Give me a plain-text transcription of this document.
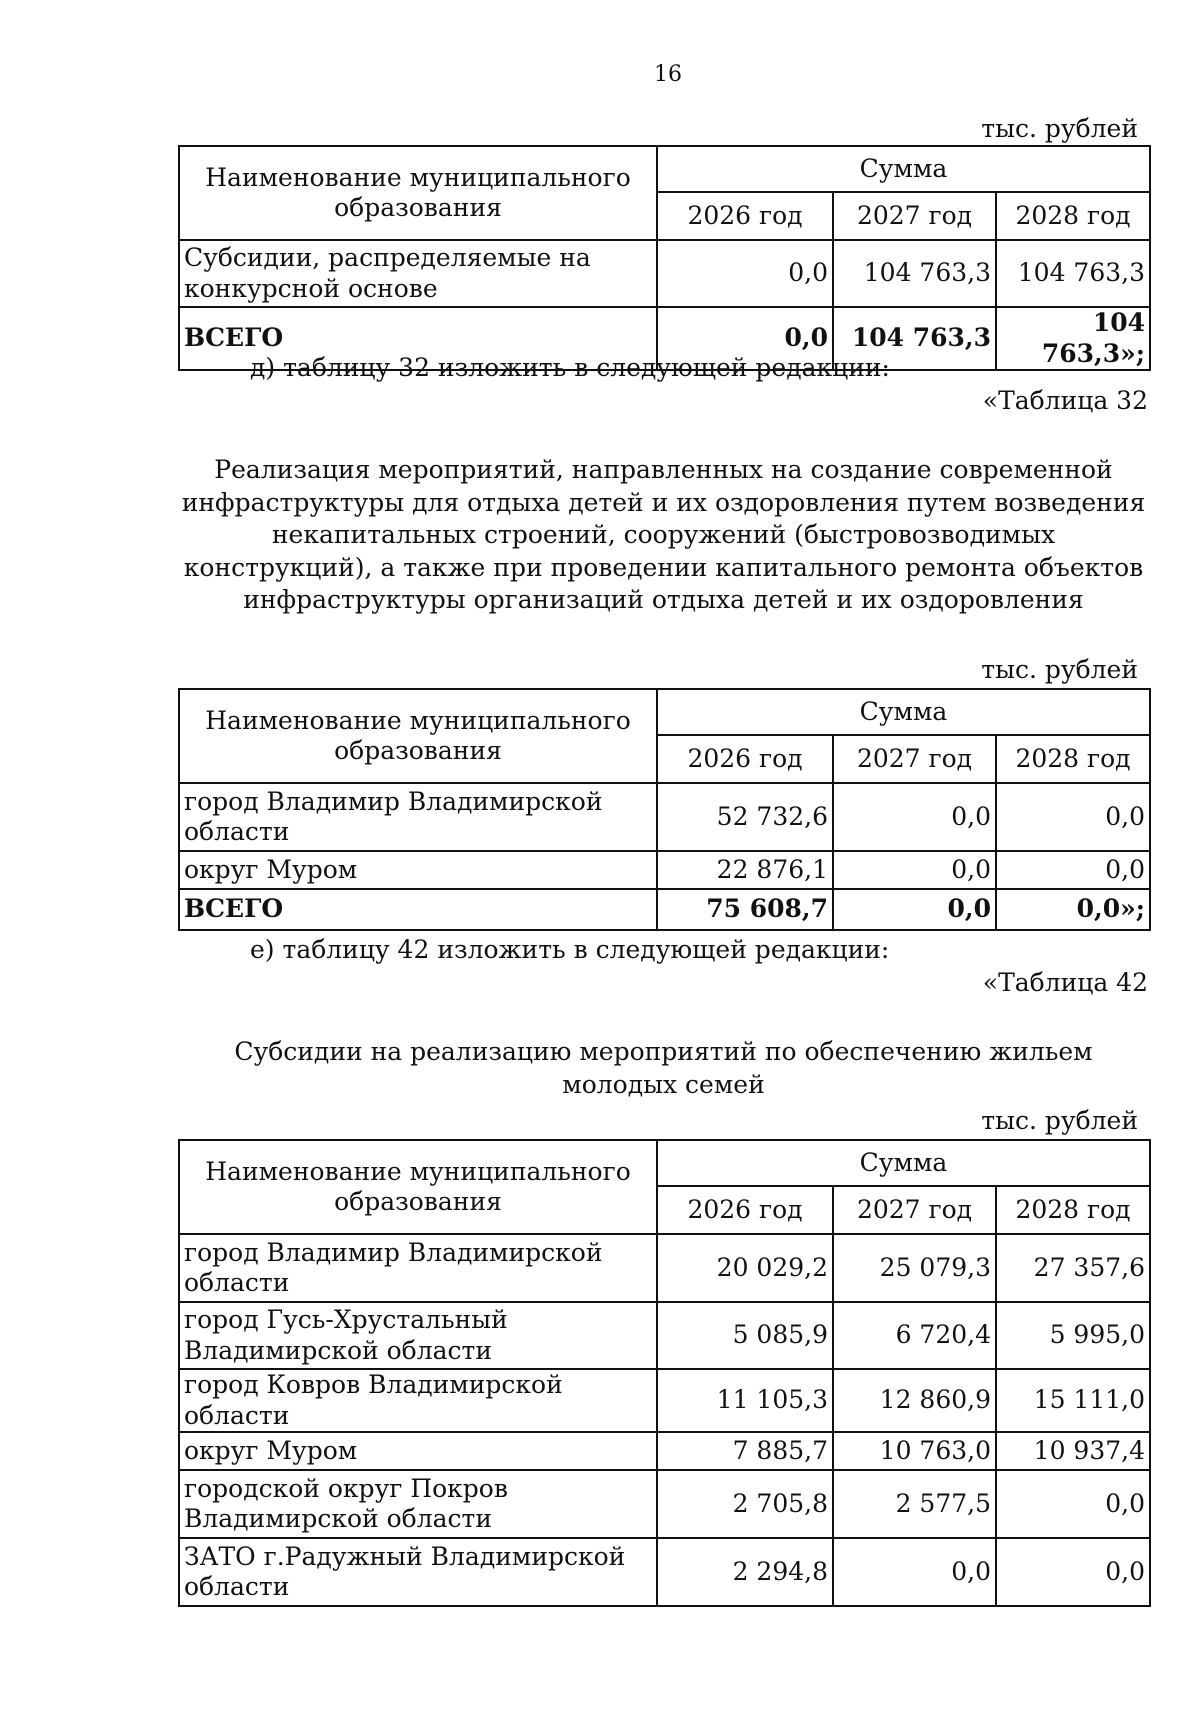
16
тыс. рублей
Наименование муниципального образования	Сумма		
	2026 год	2027 год	2028 год
Субсидии, распределяемые на конкурсной основе	0,0	104 763,3	104 763,3
ВСЕГО	0,0	104 763,3	104 763,3»;
д) таблицу 32 изложить в следующей редакции:
«Таблица 32
Реализация мероприятий, направленных на создание современной инфраструктуры для отдыха детей и их оздоровления путем возведения некапитальных строений, сооружений (быстровозводимых конструкций), а также при проведении капитального ремонта объектов инфраструктуры организаций отдыха детей и их оздоровления
тыс. рублей
Наименование муниципального образования	Сумма		
	2026 год	2027 год	2028 год
город Владимир Владимирской области	52 732,6	0,0	0,0
округ Муром	22 876,1	0,0	0,0
ВСЕГО	75 608,7	0,0	0,0»;
е) таблицу 42 изложить в следующей редакции:
«Таблица 42
Субсидии на реализацию мероприятий по обеспечению жильем молодых семей
тыс. рублей
Наименование муниципального образования	Сумма		
	2026 год	2027 год	2028 год
город Владимир Владимирской области	20 029,2	25 079,3	27 357,6
город Гусь-Хрустальный Владимирской области	5 085,9	6 720,4	5 995,0
город Ковров Владимирской области	11 105,3	12 860,9	15 111,0
округ Муром	7 885,7	10 763,0	10 937,4
городской округ Покров Владимирской области	2 705,8	2 577,5	0,0
ЗАТО г.Радужный Владимирской области	2 294,8	0,0	0,0
